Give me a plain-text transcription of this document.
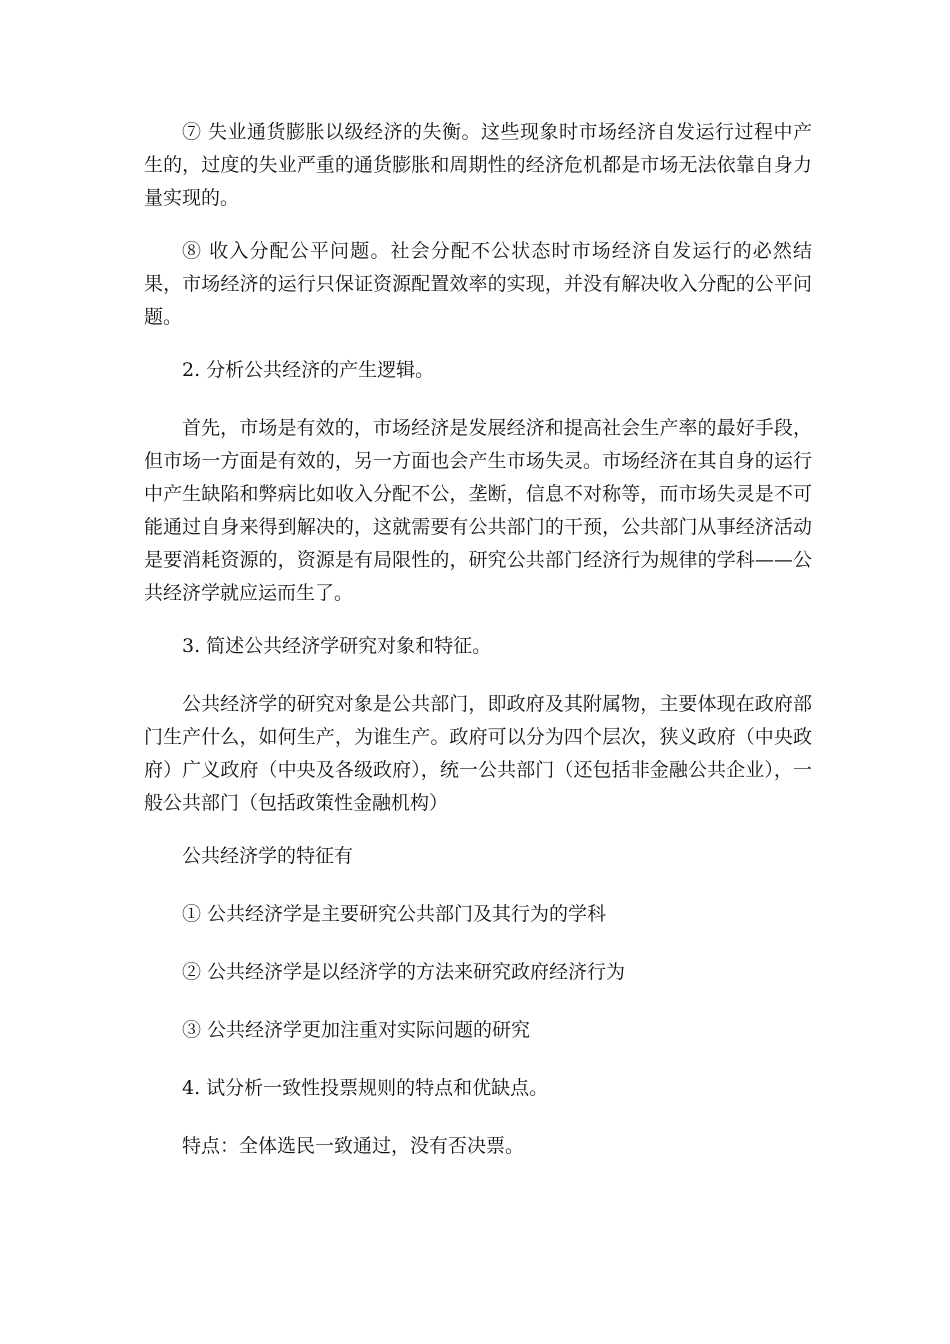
⑦ 失业通货膨胀以级经济的失衡。这些现象时市场经济自发运行过程中产生的，过度的失业严重的通货膨胀和周期性的经济危机都是市场无法依靠自身力量实现的。

⑧ 收入分配公平问题。社会分配不公状态时市场经济自发运行的必然结果，市场经济的运行只保证资源配置效率的实现，并没有解决收入分配的公平问题。

2. 分析公共经济的产生逻辑。

首先，市场是有效的，市场经济是发展经济和提高社会生产率的最好手段，但市场一方面是有效的，另一方面也会产生市场失灵。市场经济在其自身的运行中产生缺陷和弊病比如收入分配不公，垄断，信息不对称等，而市场失灵是不可能通过自身来得到解决的，这就需要有公共部门的干预，公共部门从事经济活动是要消耗资源的，资源是有局限性的，研究公共部门经济行为规律的学科——公共经济学就应运而生了。

3. 简述公共经济学研究对象和特征。

公共经济学的研究对象是公共部门，即政府及其附属物，主要体现在政府部门生产什么，如何生产，为谁生产。政府可以分为四个层次，狭义政府（中央政府）广义政府（中央及各级政府），统一公共部门（还包括非金融公共企业），一般公共部门（包括政策性金融机构）

公共经济学的特征有

① 公共经济学是主要研究公共部门及其行为的学科

② 公共经济学是以经济学的方法来研究政府经济行为

③ 公共经济学更加注重对实际问题的研究

4. 试分析一致性投票规则的特点和优缺点。

特点：全体选民一致通过，没有否决票。
